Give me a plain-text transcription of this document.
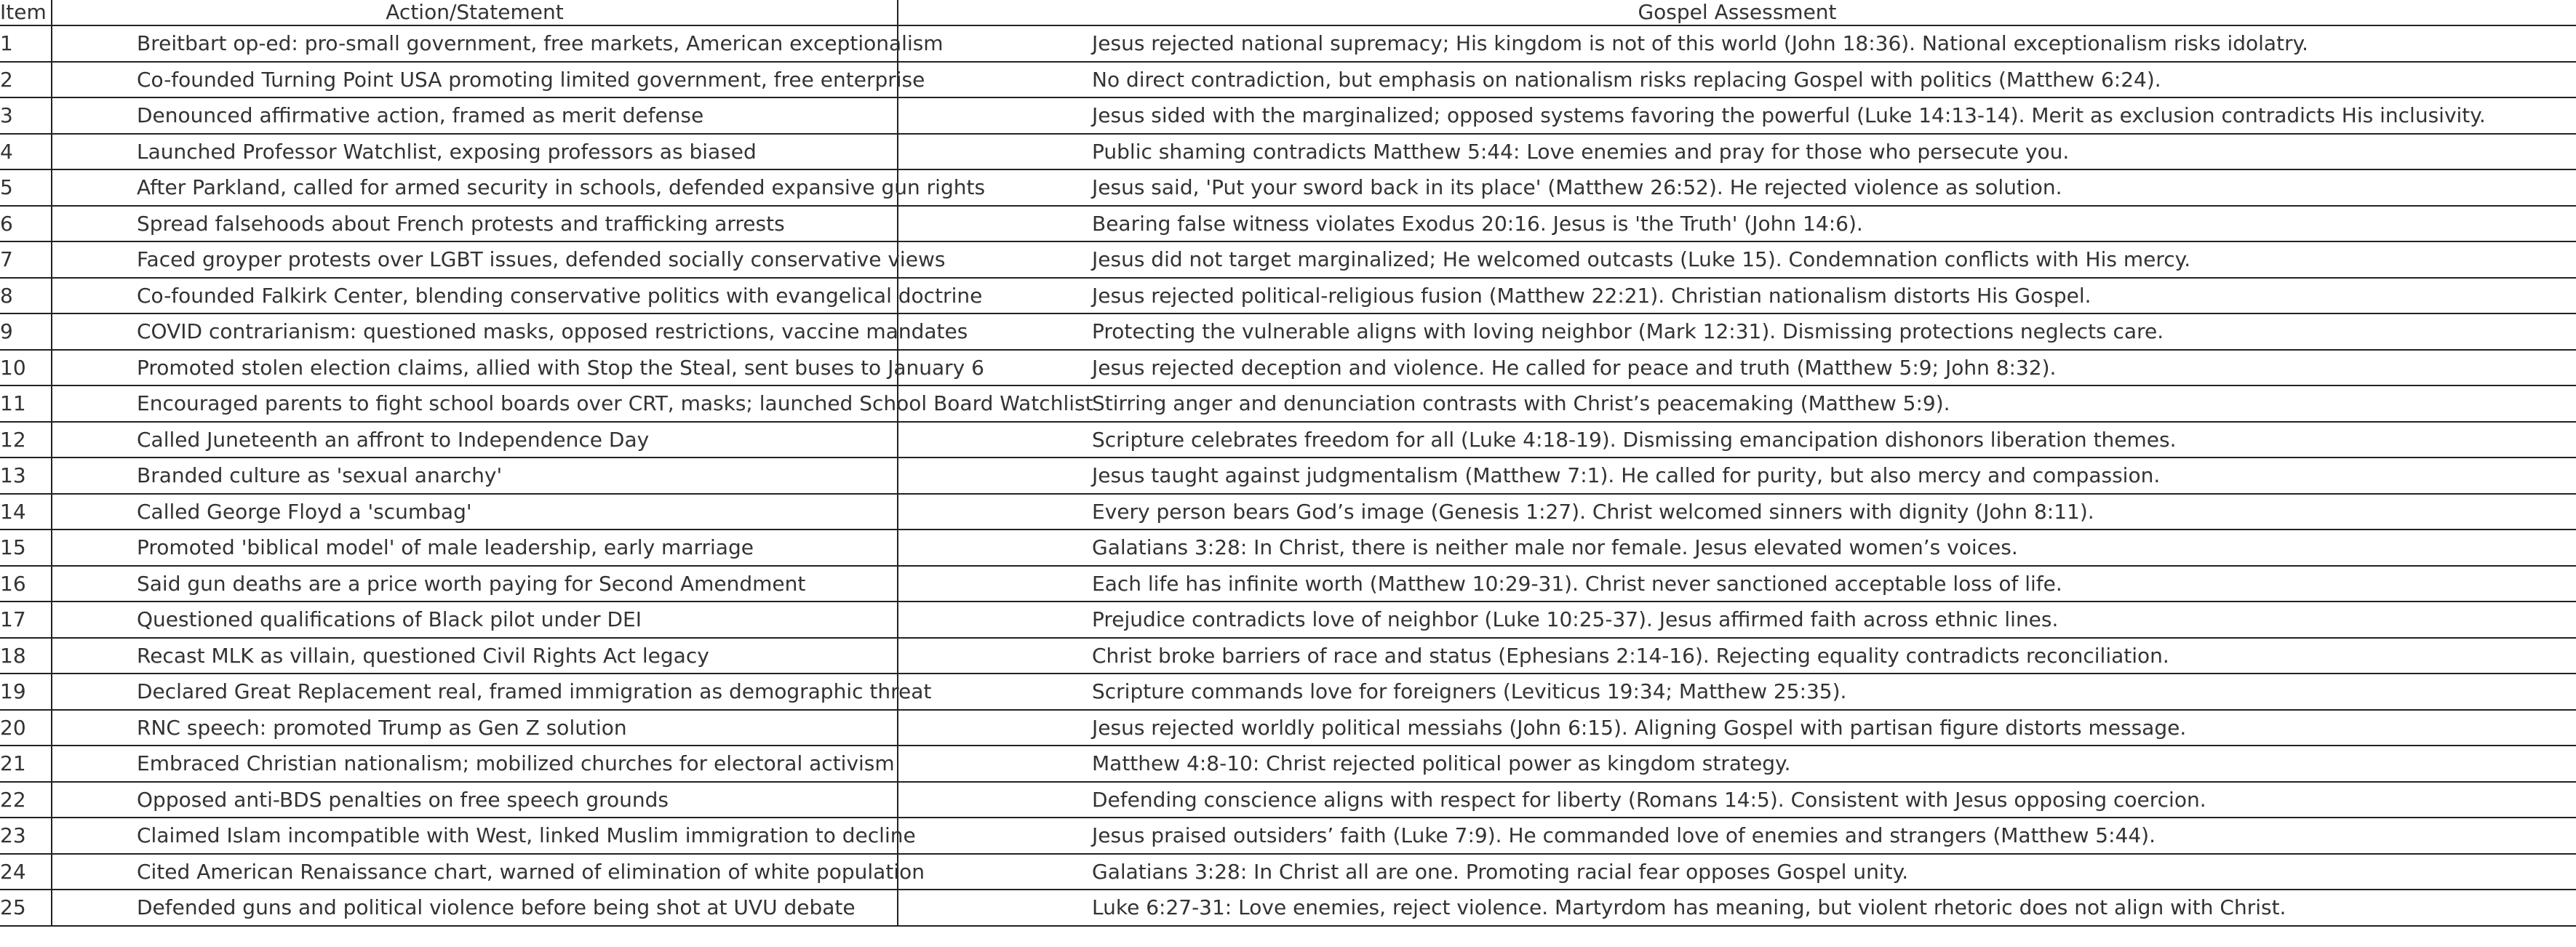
Item	Action/Statement	Gospel Assessment
1	Breitbart op-ed: pro-small government, free markets, American exceptionalism	Jesus rejected national supremacy; His kingdom is not of this world (John 18:36). National exceptionalism risks idolatry.
2	Co-founded Turning Point USA promoting limited government, free enterprise	No direct contradiction, but emphasis on nationalism risks replacing Gospel with politics (Matthew 6:24).
3	Denounced affirmative action, framed as merit defense	Jesus sided with the marginalized; opposed systems favoring the powerful (Luke 14:13-14). Merit as exclusion contradicts His inclusivity.
4	Launched Professor Watchlist, exposing professors as biased	Public shaming contradicts Matthew 5:44: Love enemies and pray for those who persecute you.
5	After Parkland, called for armed security in schools, defended expansive gun rights	Jesus said, 'Put your sword back in its place' (Matthew 26:52). He rejected violence as solution.
6	Spread falsehoods about French protests and trafficking arrests	Bearing false witness violates Exodus 20:16. Jesus is 'the Truth' (John 14:6).
7	Faced groyper protests over LGBT issues, defended socially conservative views	Jesus did not target marginalized; He welcomed outcasts (Luke 15). Condemnation conflicts with His mercy.
8	Co-founded Falkirk Center, blending conservative politics with evangelical doctrine	Jesus rejected political-religious fusion (Matthew 22:21). Christian nationalism distorts His Gospel.
9	COVID contrarianism: questioned masks, opposed restrictions, vaccine mandates	Protecting the vulnerable aligns with loving neighbor (Mark 12:31). Dismissing protections neglects care.
10	Promoted stolen election claims, allied with Stop the Steal, sent buses to January 6	Jesus rejected deception and violence. He called for peace and truth (Matthew 5:9; John 8:32).
11	Encouraged parents to fight school boards over CRT, masks; launched School Board Watchlist	Stirring anger and denunciation contrasts with Christ’s peacemaking (Matthew 5:9).
12	Called Juneteenth an affront to Independence Day	Scripture celebrates freedom for all (Luke 4:18-19). Dismissing emancipation dishonors liberation themes.
13	Branded culture as 'sexual anarchy'	Jesus taught against judgmentalism (Matthew 7:1). He called for purity, but also mercy and compassion.
14	Called George Floyd a 'scumbag'	Every person bears God’s image (Genesis 1:27). Christ welcomed sinners with dignity (John 8:11).
15	Promoted 'biblical model' of male leadership, early marriage	Galatians 3:28: In Christ, there is neither male nor female. Jesus elevated women’s voices.
16	Said gun deaths are a price worth paying for Second Amendment	Each life has infinite worth (Matthew 10:29-31). Christ never sanctioned acceptable loss of life.
17	Questioned qualifications of Black pilot under DEI	Prejudice contradicts love of neighbor (Luke 10:25-37). Jesus affirmed faith across ethnic lines.
18	Recast MLK as villain, questioned Civil Rights Act legacy	Christ broke barriers of race and status (Ephesians 2:14-16). Rejecting equality contradicts reconciliation.
19	Declared Great Replacement real, framed immigration as demographic threat	Scripture commands love for foreigners (Leviticus 19:34; Matthew 25:35).
20	RNC speech: promoted Trump as Gen Z solution	Jesus rejected worldly political messiahs (John 6:15). Aligning Gospel with partisan figure distorts message.
21	Embraced Christian nationalism; mobilized churches for electoral activism	Matthew 4:8-10: Christ rejected political power as kingdom strategy.
22	Opposed anti-BDS penalties on free speech grounds	Defending conscience aligns with respect for liberty (Romans 14:5). Consistent with Jesus opposing coercion.
23	Claimed Islam incompatible with West, linked Muslim immigration to decline	Jesus praised outsiders’ faith (Luke 7:9). He commanded love of enemies and strangers (Matthew 5:44).
24	Cited American Renaissance chart, warned of elimination of white population	Galatians 3:28: In Christ all are one. Promoting racial fear opposes Gospel unity.
25	Defended guns and political violence before being shot at UVU debate	Luke 6:27-31: Love enemies, reject violence. Martyrdom has meaning, but violent rhetoric does not align with Christ.
